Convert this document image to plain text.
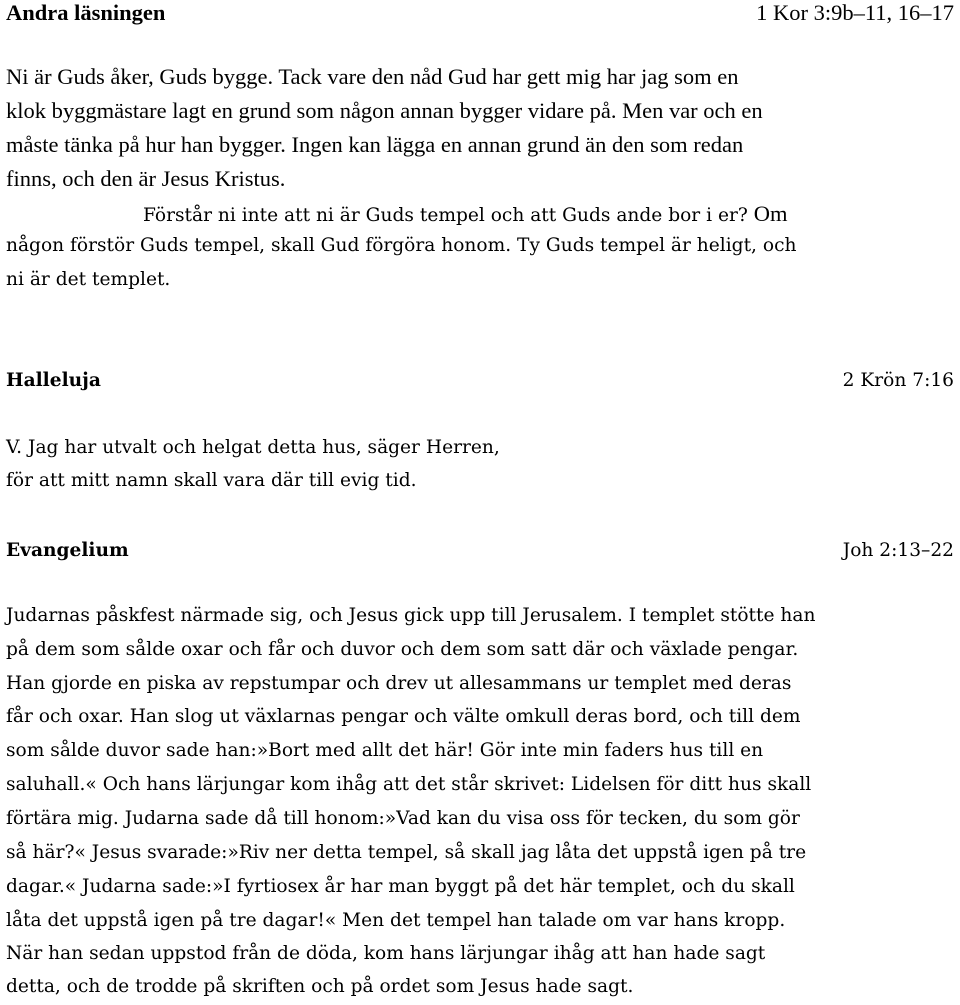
Andra läsningen	1 Kor 3:9b–11, 16–17
Ni är Guds åker, Guds bygge. Tack vare den nåd Gud har gett mig har jag som en
klok byggmästare lagt en grund som någon annan bygger vidare på. Men var och en
måste tänka på hur han bygger. Ingen kan lägga en annan grund än den som redan
finns, och den är Jesus Kristus.
Förstår ni inte att ni är Guds tempel och att Guds ande bor i er? Om
någon förstör Guds tempel, skall Gud förgöra honom. Ty Guds tempel är heligt, och
ni är det templet.
Halleluja	2 Krön 7:16
V. Jag har utvalt och helgat detta hus, säger Herren,
för att mitt namn skall vara där till evig tid.
Evangelium	Joh 2:13–22
Judarnas påskfest närmade sig, och Jesus gick upp till Jerusalem. I templet stötte han
på dem som sålde oxar och får och duvor och dem som satt där och växlade pengar.
Han gjorde en piska av repstumpar och drev ut allesammans ur templet med deras
får och oxar. Han slog ut växlarnas pengar och välte omkull deras bord, och till dem
som sålde duvor sade han:»Bort med allt det här! Gör inte min faders hus till en
saluhall.« Och hans lärjungar kom ihåg att det står skrivet: Lidelsen för ditt hus skall
förtära mig. Judarna sade då till honom:»Vad kan du visa oss för tecken, du som gör
så här?« Jesus svarade:»Riv ner detta tempel, så skall jag låta det uppstå igen på tre
dagar.« Judarna sade:»I fyrtiosex år har man byggt på det här templet, och du skall
låta det uppstå igen på tre dagar!« Men det tempel han talade om var hans kropp.
När han sedan uppstod från de döda, kom hans lärjungar ihåg att han hade sagt
detta, och de trodde på skriften och på ordet som Jesus hade sagt.
